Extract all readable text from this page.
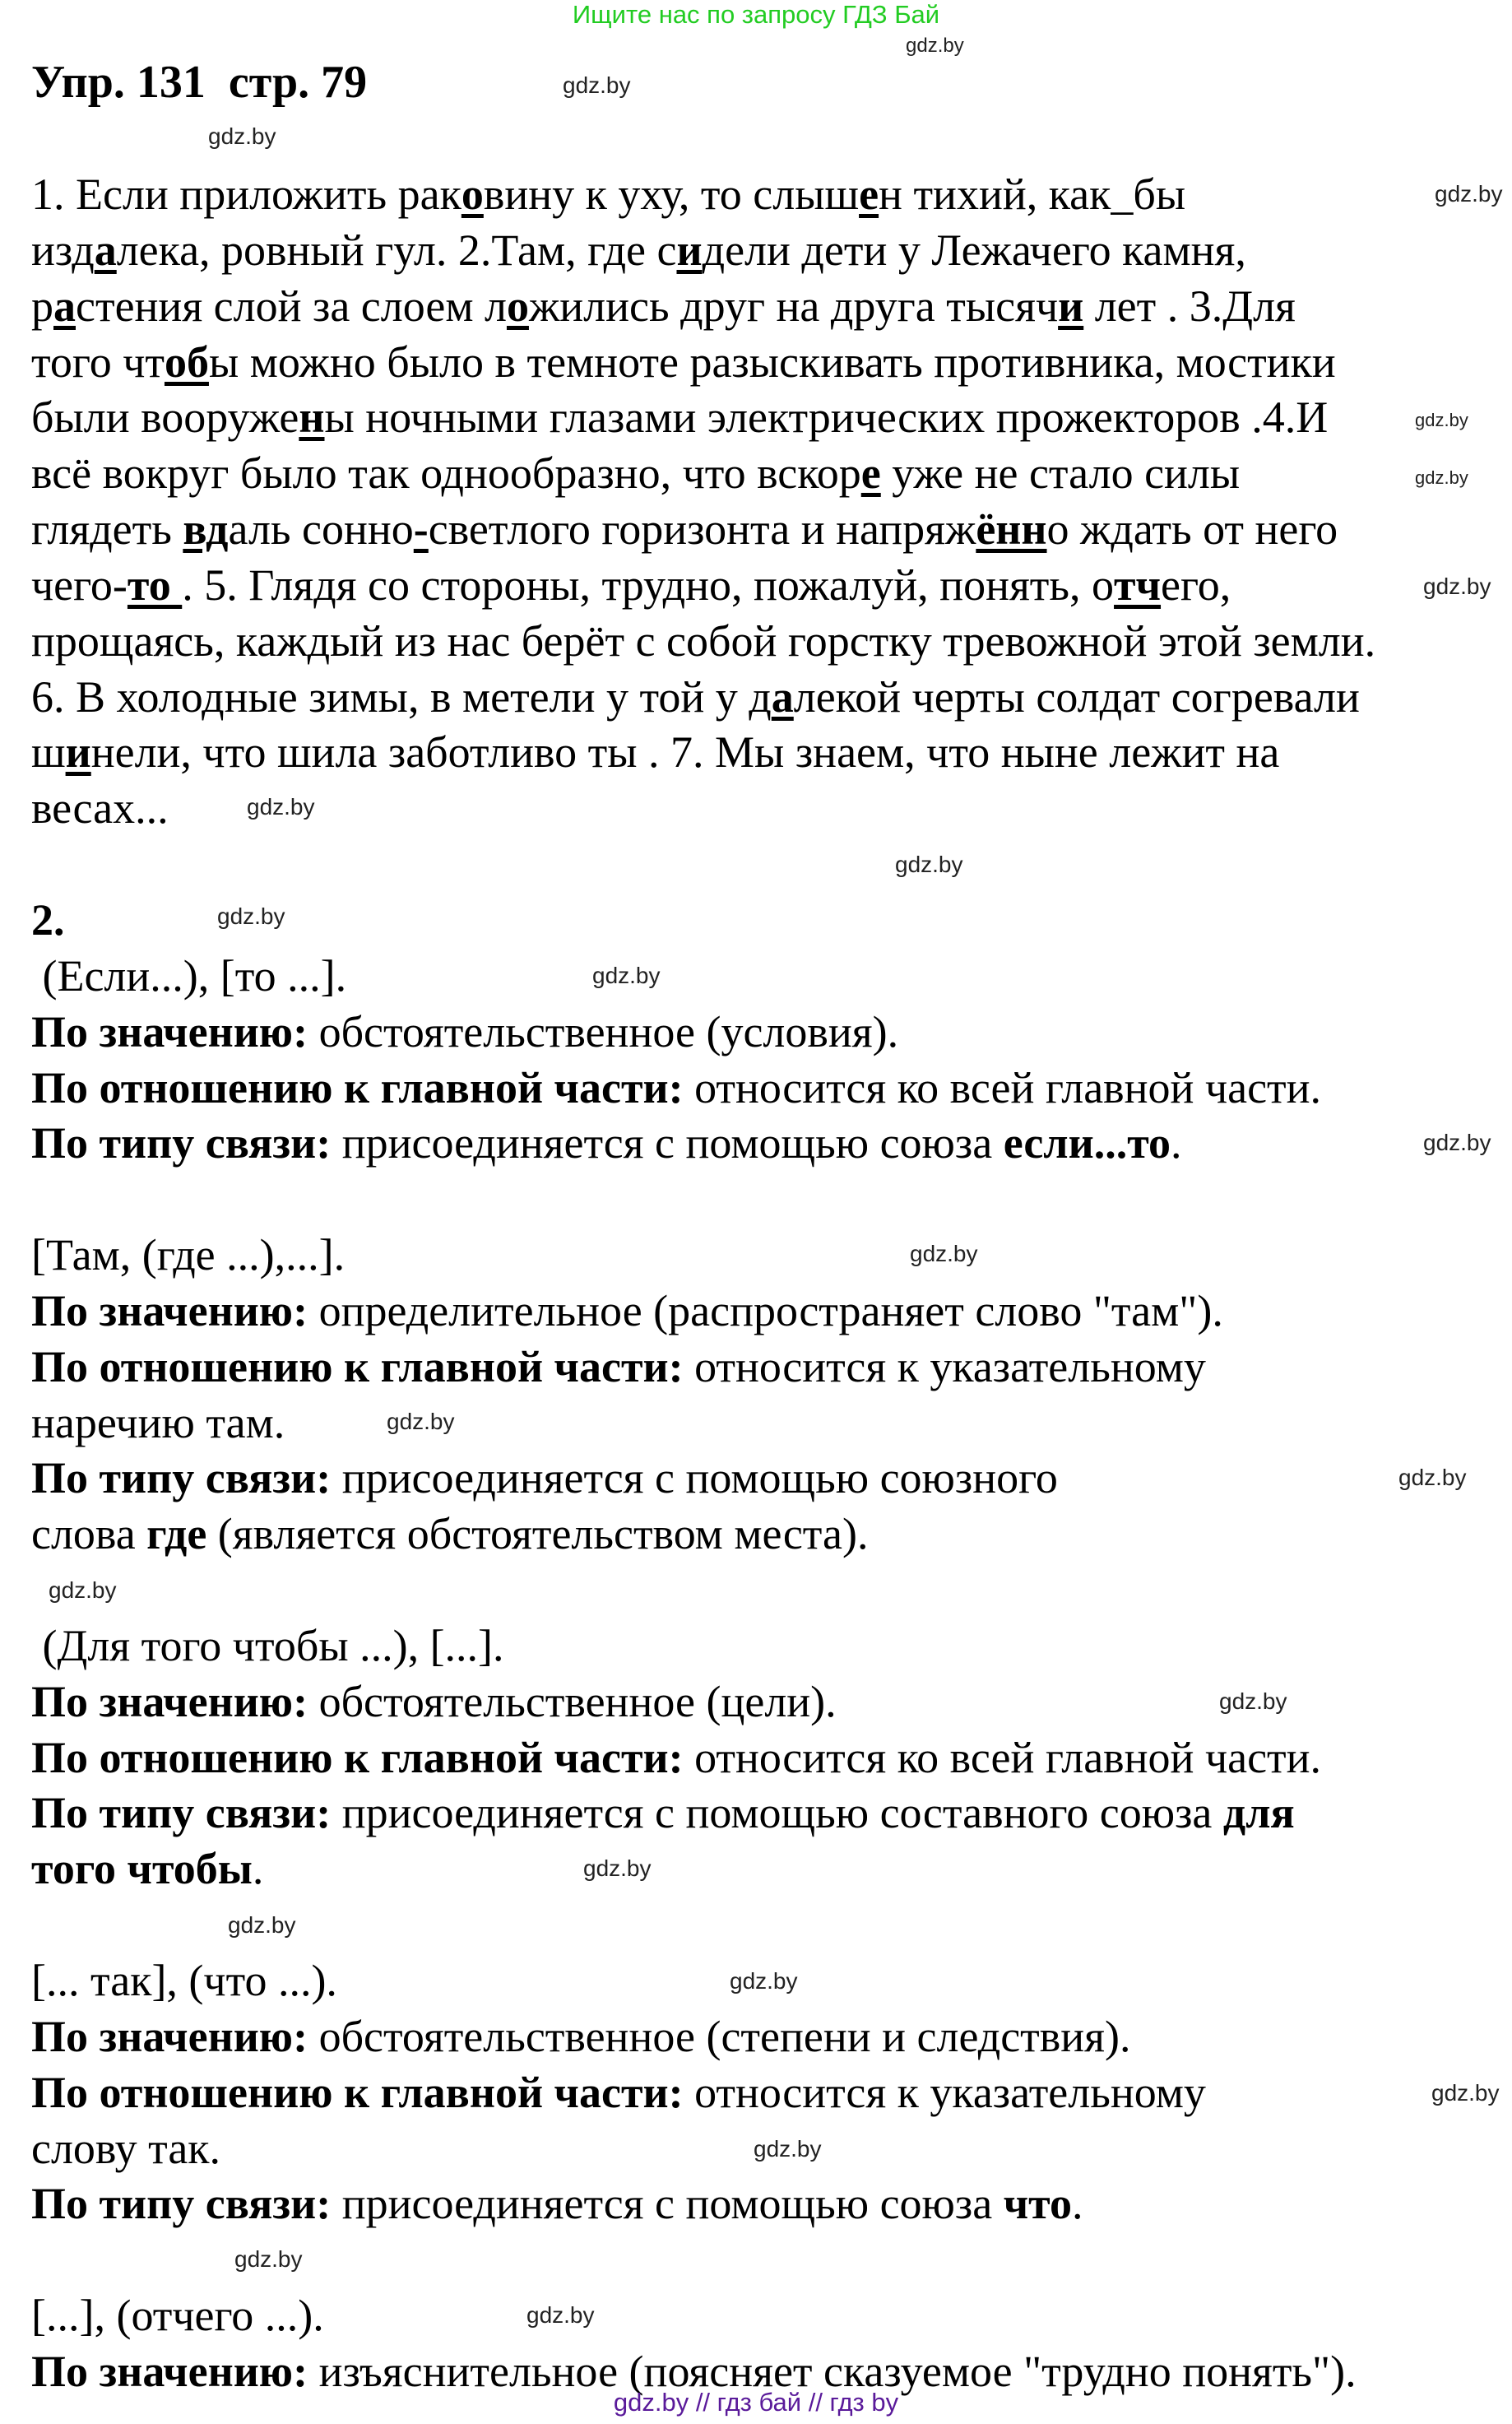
Ищите нас по запросу ГДЗ Бай
Упр. 131  стр. 79
1. Если приложить раковину к уху, то слышен тихий, как_бы
издалека, ровный гул. 2.Там, где сидели дети у Лежачего камня,
растения слой за слоем ложились друг на друга тысячи лет . 3.Для
того чтобы можно было в темноте разыскивать противника, мостики
были вооружены ночными глазами электрических прожекторов .4.И
всё вокруг было так однообразно, что вскоре уже не стало силы
глядеть вдаль сонно-светлого горизонта и напряжённо ждать от него
чего-то . 5. Глядя со стороны, трудно, пожалуй, понять, отчего,
прощаясь, каждый из нас берёт с собой горстку тревожной этой земли.
6. В холодные зимы, в метели у той у далекой черты солдат согревали
шинели, что шила заботливо ты . 7. Мы знаем, что ныне лежит на
весах...
2.
(Если...), [то ...].
По значению: обстоятельственное (условия).
По отношению к главной части: относится ко всей главной части.
По типу связи: присоединяется с помощью союза если...то.
[Там, (где ...),...].
По значению: определительное (распространяет слово "там").
По отношению к главной части: относится к указательному
наречию там.
По типу связи: присоединяется с помощью союзного
слова где (является обстоятельством места).
(Для того чтобы ...), [...].
По значению: обстоятельственное (цели).
По отношению к главной части: относится ко всей главной части.
По типу связи: присоединяется с помощью составного союза для
того чтобы.
[... так], (что ...).
По значению: обстоятельственное (степени и следствия).
По отношению к главной части: относится к указательному
слову так.
По типу связи: присоединяется с помощью союза что.
[...], (отчего ...).
По значению: изъяснительное (поясняет сказуемое "трудно понять").
gdz.by
gdz.by
gdz.by
gdz.by
gdz.by
gdz.by
gdz.by
gdz.by
gdz.by
gdz.by
gdz.by
gdz.by
gdz.by
gdz.by
gdz.by
gdz.by
gdz.by
gdz.by
gdz.by
gdz.by
gdz.by
gdz.by
gdz.by
gdz.by
gdz.by // гдз бай // гдз by
